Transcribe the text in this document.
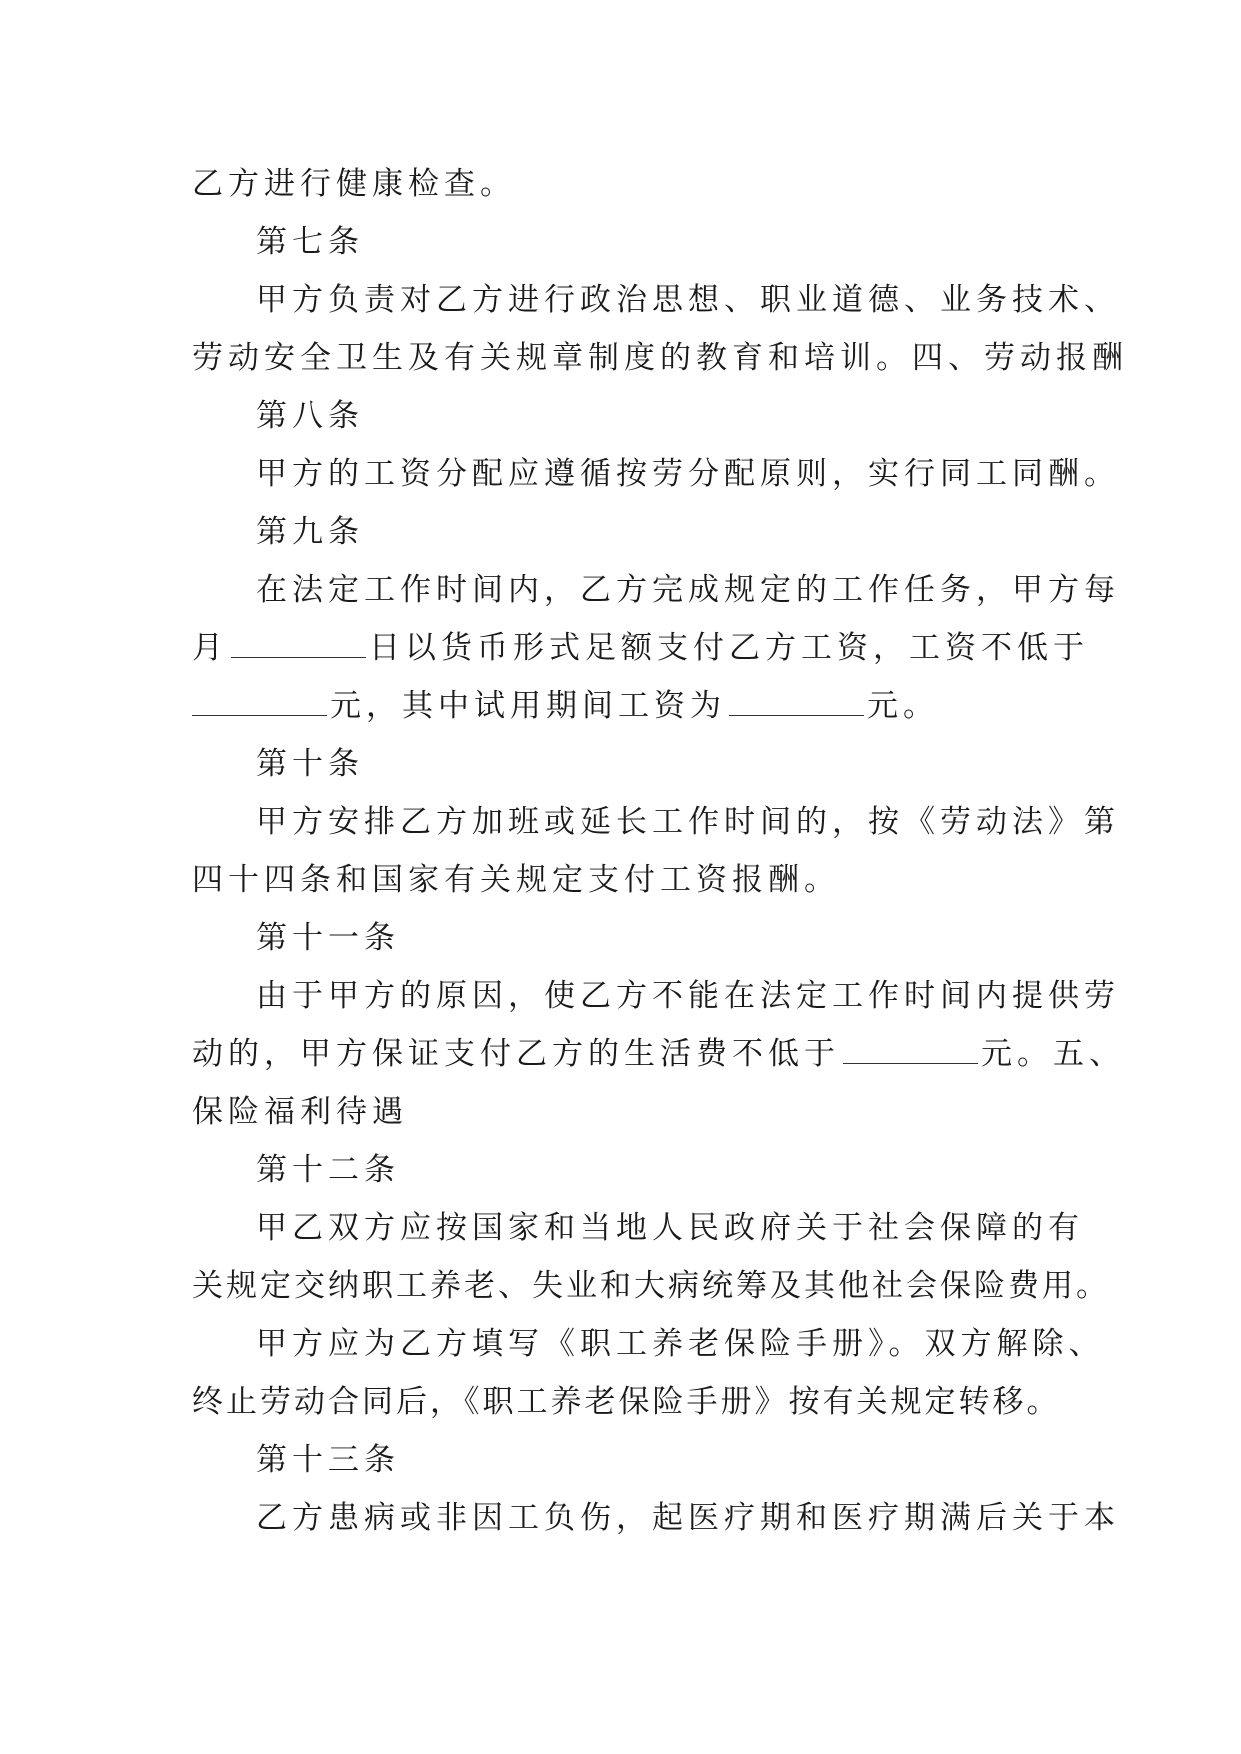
乙方进行健康检查。
第七条
甲方负责对乙方进行政治思想、职业道德、业务技术、
劳动安全卫生及有关规章制度的教育和培训。四、劳动报酬
第八条
甲方的工资分配应遵循按劳分配原则，实行同工同酬。
第九条
在法定工作时间内，乙方完成规定的工作任务，甲方每
月	日以货币形式足额支付乙方工资，工资不低于
元，其中试用期间工资为	元。
第十条
甲方安排乙方加班或延长工作时间的，按《劳动法》第
四十四条和国家有关规定支付工资报酬。
第十一条
由于甲方的原因，使乙方不能在法定工作时间内提供劳
动的，甲方保证支付乙方的生活费不低于	元。五、
保险福利待遇
第十二条
甲乙双方应按国家和当地人民政府关于社会保障的有
关规定交纳职工养老、失业和大病统筹及其他社会保险费用。
甲方应为乙方填写《职工养老保险手册》。双方解除、
终止劳动合同后，《职工养老保险手册》按有关规定转移。
第十三条
乙方患病或非因工负伤，起医疗期和医疗期满后关于本
